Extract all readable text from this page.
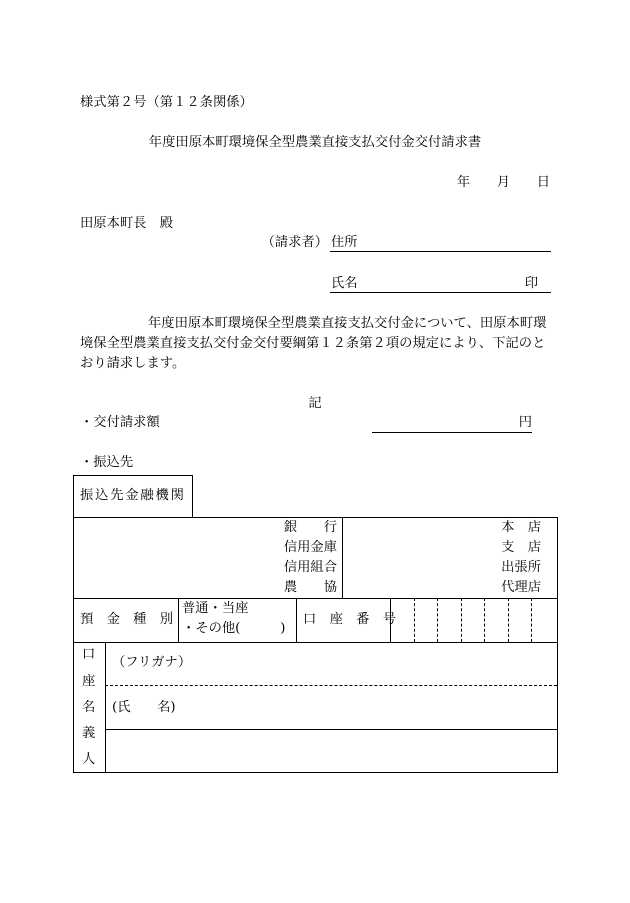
様式第２号（第１２条関係）
年度田原本町環境保全型農業直接支払交付金交付請求書
年　　月　　日
田原本町長　殿
（請求者） 住所
氏名	印
年度田原本町環境保全型農業直接支払交付金について、田原本町環
境保全型農業直接支払交付金交付要綱第１２条第２項の規定により、下記のと
おり請求します。
記
・交付請求額	円
・振込先
振込先金融機関
銀　　行
信用金庫
信用組合
農　　協
本　店
支　店
出張所
代理店
預　金　種　別
普通・当座
・その他(　　　)
口　座　番　号
口
座
名
義
人
（フリガナ）
(氏　　名)
